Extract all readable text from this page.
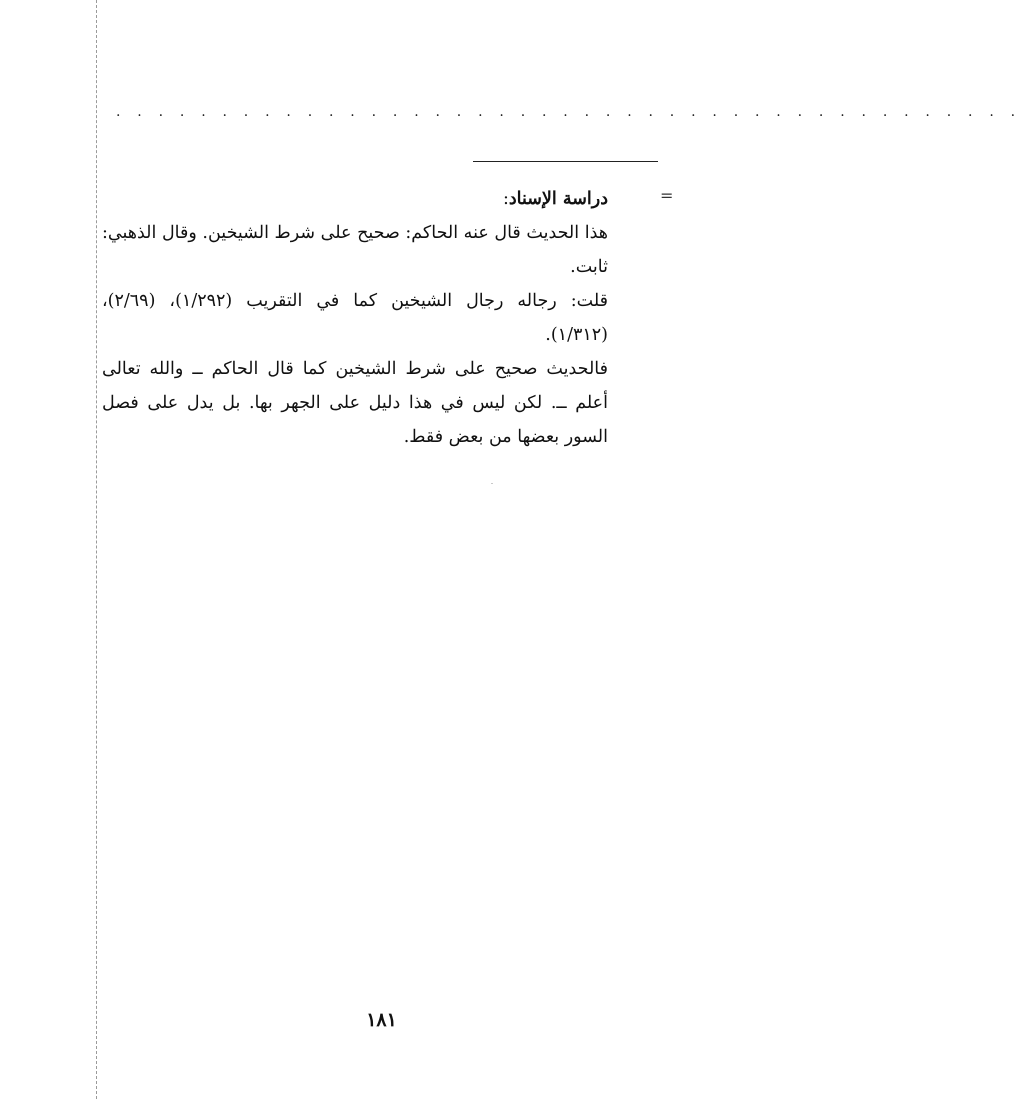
. . . . . . . . . . . . . . . . . . . . . . . . . . . . . . . . . . . . . . . . . . .
=

دراسة الإسناد:

هذا الحديث قال عنه الحاكم: صحيح على شرط الشيخين. وقال الذهبي: ثابت.

قلت: رجاله رجال الشيخين كما في التقريب (١/٢٩٢)، (٢/٦٩)، (١/٣١٢).

فالحديث صحيح على شرط الشيخين كما قال الحاكم ــ والله تعالى أعلم ــ. لكن ليس في هذا دليل على الجهر بها. بل يدل على فصل السور بعضها من بعض فقط.

١٨١
